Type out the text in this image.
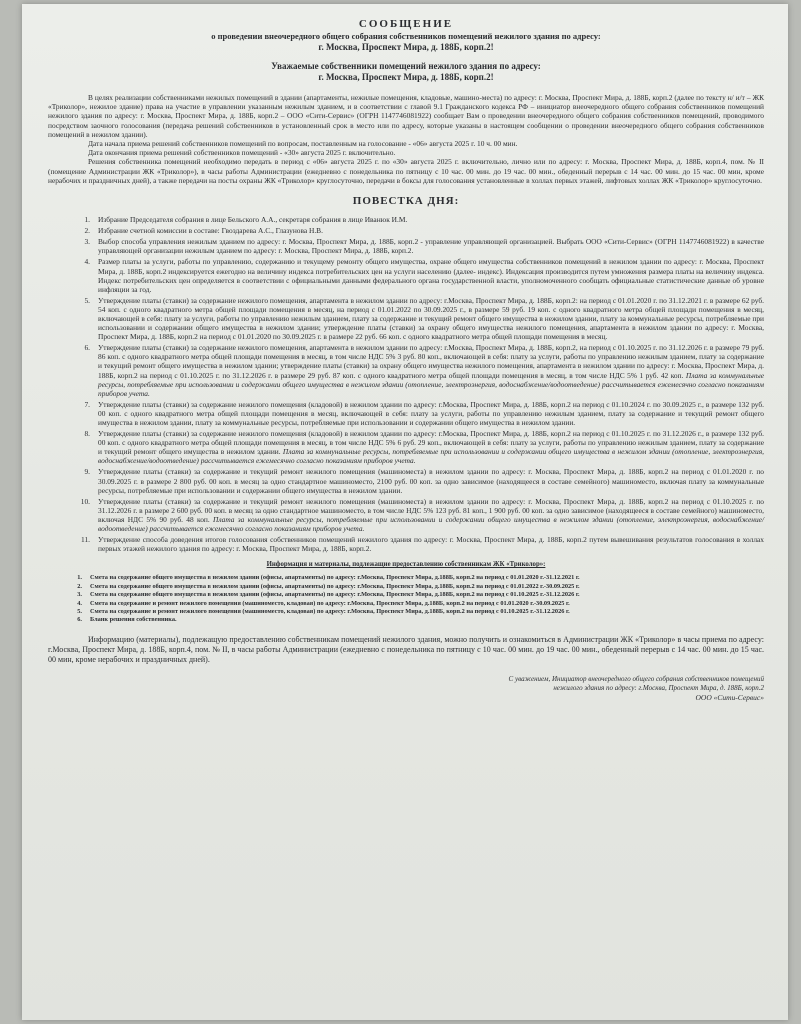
СООБЩЕНИЕ
о проведении внеочередного общего собрания собственников помещений нежилого здания по адресу:
г. Москва, Проспект Мира, д. 188Б, корп.2!
Уважаемые собственники помещений нежилого здания по адресу:
г. Москва, Проспект Мира, д. 188Б, корп.2!

В целях реализации собственниками нежилых помещений в здании (апартаменты, нежилые помещения, кладовые, машино-места) по адресу: г. Москва, Проспект Мира, д. 188Б, корп.2 (далее по тексту н/ и/т – ЖК «Триколор», нежилое здание) права на участие в управлении указанным нежилым зданием, и в соответствии с главой 9.1 Гражданского кодекса РФ – инициатор внеочередного общего собрания собственников помещений нежилого здания по адресу: г. Москва, Проспект Мира, д. 188Б, корп.2 – ООО «Сити-Сервис» (ОГРН 1147746081922) сообщает Вам о проведении внеочередного общего собрания собственников помещений, проводимого посредством заочного голосования (передача решений собственников в установленный срок в место или по адресу, которые указаны в настоящем сообщении о проведении внеочередного общего собрания собственников помещений в нежилом здании).

Дата начала приема решений собственников помещений по вопросам, поставленным на голосование - «06» августа 2025 г. 10 ч. 00 мин.

Дата окончания приема решений собственников помещений - «30» августа 2025 г. включительно.

Решения собственника помещений необходимо передать в период с «06» августа 2025 г. по «30» августа 2025 г. включительно, лично или по адресу: г. Москва, Проспект Мира, д. 188Б, корп.4, пом. № II (помещение Администрации ЖК «Триколор»), в часы работы Администрации (ежедневно с понедельника по пятницу с 10 час. 00 мин. до 19 час. 00 мин., обеденный перерыв с 14 час. 00 мин. до 15 час. 00 мин, кроме нерабочих и праздничных дней), а также передачи на посты охраны ЖК «Триколор» круглосуточно, передачи в боксы для голосования установленные в холлах первых этажей, лифтовых холлах ЖК «Триколор» круглосуточно.

ПОВЕСТКА ДНЯ:
1.	Избрание Председателя собрания в лице Бельского А.А., секретаря собрания в лице Иванюк И.М.
2.	Избрание счетной комиссии в составе: Гвоздарева А.С., Глазунова Н.В.
3.	Выбор способа управления нежилым зданием по адресу: г. Москва, Проспект Мира, д. 188Б, корп.2 - управление управляющей организацией. Выбрать ООО «Сити-Сервис» (ОГРН 1147746081922) в качестве управляющей организации нежилым зданием по адресу: г. Москва, Проспект Мира, д. 188Б, корп.2.
4.	Размер платы за услуги, работы по управлению, содержанию и текущему ремонту общего имущества, охране общего имущества собственников помещений в нежилом здании по адресу: г. Москва, Проспект Мира, д. 188Б, корп.2 индексируется ежегодно на величину индекса потребительских цен на услуги населению (далее- индекс). Индексация производится путем умножения размера платы на величину индекса. Индекс потребительских цен определяется в соответствии с официальными данными федерального органа государственной власти, уполномоченного сообщать официальные статистические данные об уровне инфляции за год.
5.	Утверждение платы (ставки) за содержание нежилого помещения, апартамента в нежилом здании по адресу: г.Москва, Проспект Мира, д. 188Б, корп.2: на период с 01.01.2020 г. по 31.12.2021 г. в размере 62 руб. 54 коп. с одного квадратного метра общей площади помещения в месяц, на период с 01.01.2022 по 30.09.2025 г., в размере 59 руб. 19 коп. с одного квадратного метра общей площади помещения в месяц, включающей в себя: плату за услуги, работы по управлению нежилым зданием, плату за содержание и текущий ремонт общего имущества в нежилом здании, плату за коммунальные ресурсы, потребляемые при использовании и содержании общего имущества в нежилом здании; утверждение платы (ставки) за охрану общего имущества нежилого помещения, апартамента в нежилом здании по адресу: г. Москва, Проспект Мира, д. 188Б, корп.2 на период с 01.01.2020 по 30.09.2025 г. в размере 22 руб. 66 коп. с одного квадратного метра общей площади помещения в месяц.
6.	Утверждение платы (ставки) за содержание нежилого помещения, апартамента в нежилом здании по адресу: г.Москва, Проспект Мира, д. 188Б, корп.2, на период с 01.10.2025 г. по 31.12.2026 г. в размере 79 руб. 86 коп. с одного квадратного метра общей площади помещения в месяц, в том числе НДС 5% 3 руб. 80 коп., включающей в себя: плату за услуги, работы по управлению нежилым зданием, плату за содержание и текущий ремонт общего имущества в нежилом здании; утверждение платы (ставки) за охрану общего имущества нежилого помещения, апартамента в нежилом здании по адресу: г. Москва, Проспект Мира, д. 188Б, корп.2 на период с 01.10.2025 г. по 31.12.2026 г. в размере 29 руб. 87 коп. с одного квадратного метра общей площади помещения в месяц, в том числе НДС 5% 1 руб. 42 коп. Плата за коммунальные ресурсы, потребляемые при использовании и содержании общего имущества в нежилом здании (отопление, электроэнергия, водоснабжение/водоотведение) рассчитывается ежемесячно согласно показаниям приборов учета.
7.	Утверждение платы (ставки) за содержание нежилого помещения (кладовой) в нежилом здании по адресу: г.Москва, Проспект Мира, д. 188Б, корп.2 на период с 01.10.2024 г. по 30.09.2025 г., в размере 132 руб. 00 коп. с одного квадратного метра общей площади помещения в месяц, включающей в себя: плату за услуги, работы по управлению нежилым зданием, плату за содержание и текущий ремонт общего имущества в нежилом здании, плату за коммунальные ресурсы, потребляемые при использовании и содержании общего имущества в нежилом здании.
8.	Утверждение платы (ставки) за содержание нежилого помещения (кладовой) в нежилом здании по адресу: г.Москва, Проспект Мира, д. 188Б, корп.2 на период с 01.10.2025 г. по 31.12.2026 г., в размере 132 руб. 00 коп. с одного квадратного метра общей площади помещения в месяц, в том числе НДС 5% 6 руб. 29 коп., включающей в себя: плату за услуги, работы по управлению нежилым зданием, плату за содержание и текущий ремонт общего имущества в нежилом здании. Плата за коммунальные ресурсы, потребляемые при использовании и содержании общего имущества в нежилом здании (отопление, электроэнергия, водоснабжение/водоотведение) рассчитывается ежемесячно согласно показаниям приборов учета.
9.	Утверждение платы (ставки) за содержание и текущий ремонт нежилого помещения (машиноместа) в нежилом здании по адресу: г. Москва, Проспект Мира, д. 188Б, корп.2 на период с 01.01.2020 г. по 30.09.2025 г. в размере 2 800 руб. 00 коп. в месяц за одно стандартное машиноместо, 2100 руб. 00 коп. за одно зависимое (находящееся в составе семейного) машиноместо, включая плату за коммунальные ресурсы, потребляемые при использовании и содержании общего имущества в нежилом здании.
10.	Утверждение платы (ставки) за содержание и текущий ремонт нежилого помещения (машиноместа) в нежилом здании по адресу: г. Москва, Проспект Мира, д. 188Б, корп.2 на период с 01.10.2025 г. по 31.12.2026 г. в размере 2 600 руб. 00 коп. в месяц за одно стандартное машиноместо, в том числе НДС 5% 123 руб. 81 коп., 1 900 руб. 00 коп. за одно зависимое (находящееся в составе семейного) машиноместо, включая НДС 5% 90 руб. 48 коп. Плата за коммунальные ресурсы, потребляемые при использовании и содержании общего имущества в нежилом здании (отопление, электроэнергия, водоснабжение/водоотведение) рассчитывается ежемесячно согласно показаниям приборов учета.
11.	Утверждение способа доведения итогов голосования собственников помещений нежилого здания по адресу: г. Москва, Проспект Мира, д. 188Б, корп.2 путем вывешивания результатов голосования в холлах первых этажей нежилого здания по адресу: г. Москва, Проспект Мира, д. 188Б, корп.2.
Информация и материалы, подлежащие предоставлению собственникам ЖК «Триколор»:
1.	Смета на содержание общего имущества в нежилом здании (офисы, апартаменты) по адресу: г.Москва, Проспект Мира, д.188Б, корп.2 на период с 01.01.2020 г.-31.12.2021 г.
2.	Смета на содержание общего имущества в нежилом здании (офисы, апартаменты) по адресу: г.Москва, Проспект Мира, д.188Б, корп.2 на период с 01.01.2022 г.-30.09.2025 г.
3.	Смета на содержание общего имущества в нежилом здании (офисы, апартаменты) по адресу: г.Москва, Проспект Мира, д.188Б, корп.2 на период с 01.10.2025 г.-31.12.2026 г.
4.	Смета на содержание и ремонт нежилого помещения (машиноместо, кладовая) по адресу: г.Москва, Проспект Мира, д.188Б, корп.2 на период с 01.01.2020 г.-30.09.2025 г.
5.	Смета на содержание и ремонт нежилого помещения (машиноместо, кладовая) по адресу: г.Москва, Проспект Мира, д.188Б, корп.2 на период с 01.10.2025 г.-31.12.2026 г.
6.	Бланк решения собственника.

Информацию (материалы), подлежащую предоставлению собственникам помещений нежилого здания, можно получить и ознакомиться в Администрации ЖК «Триколор» в часы приема по адресу: г.Москва, Проспект Мира, д. 188Б, корп.4, пом. № II, в часы работы Администрации (ежедневно с понедельника по пятницу с 10 час. 00 мин. до 19 час. 00 мин., обеденный перерыв с 14 час. 00 мин. до 15 час. 00 мин, кроме нерабочих и праздничных дней).

С уважением, Инициатор внеочередного общего собрания собственников помещений
нежилого здания по адресу: г.Москва, Проспект Мира, д. 188Б, корп.2
ООО «Сити-Сервис»
